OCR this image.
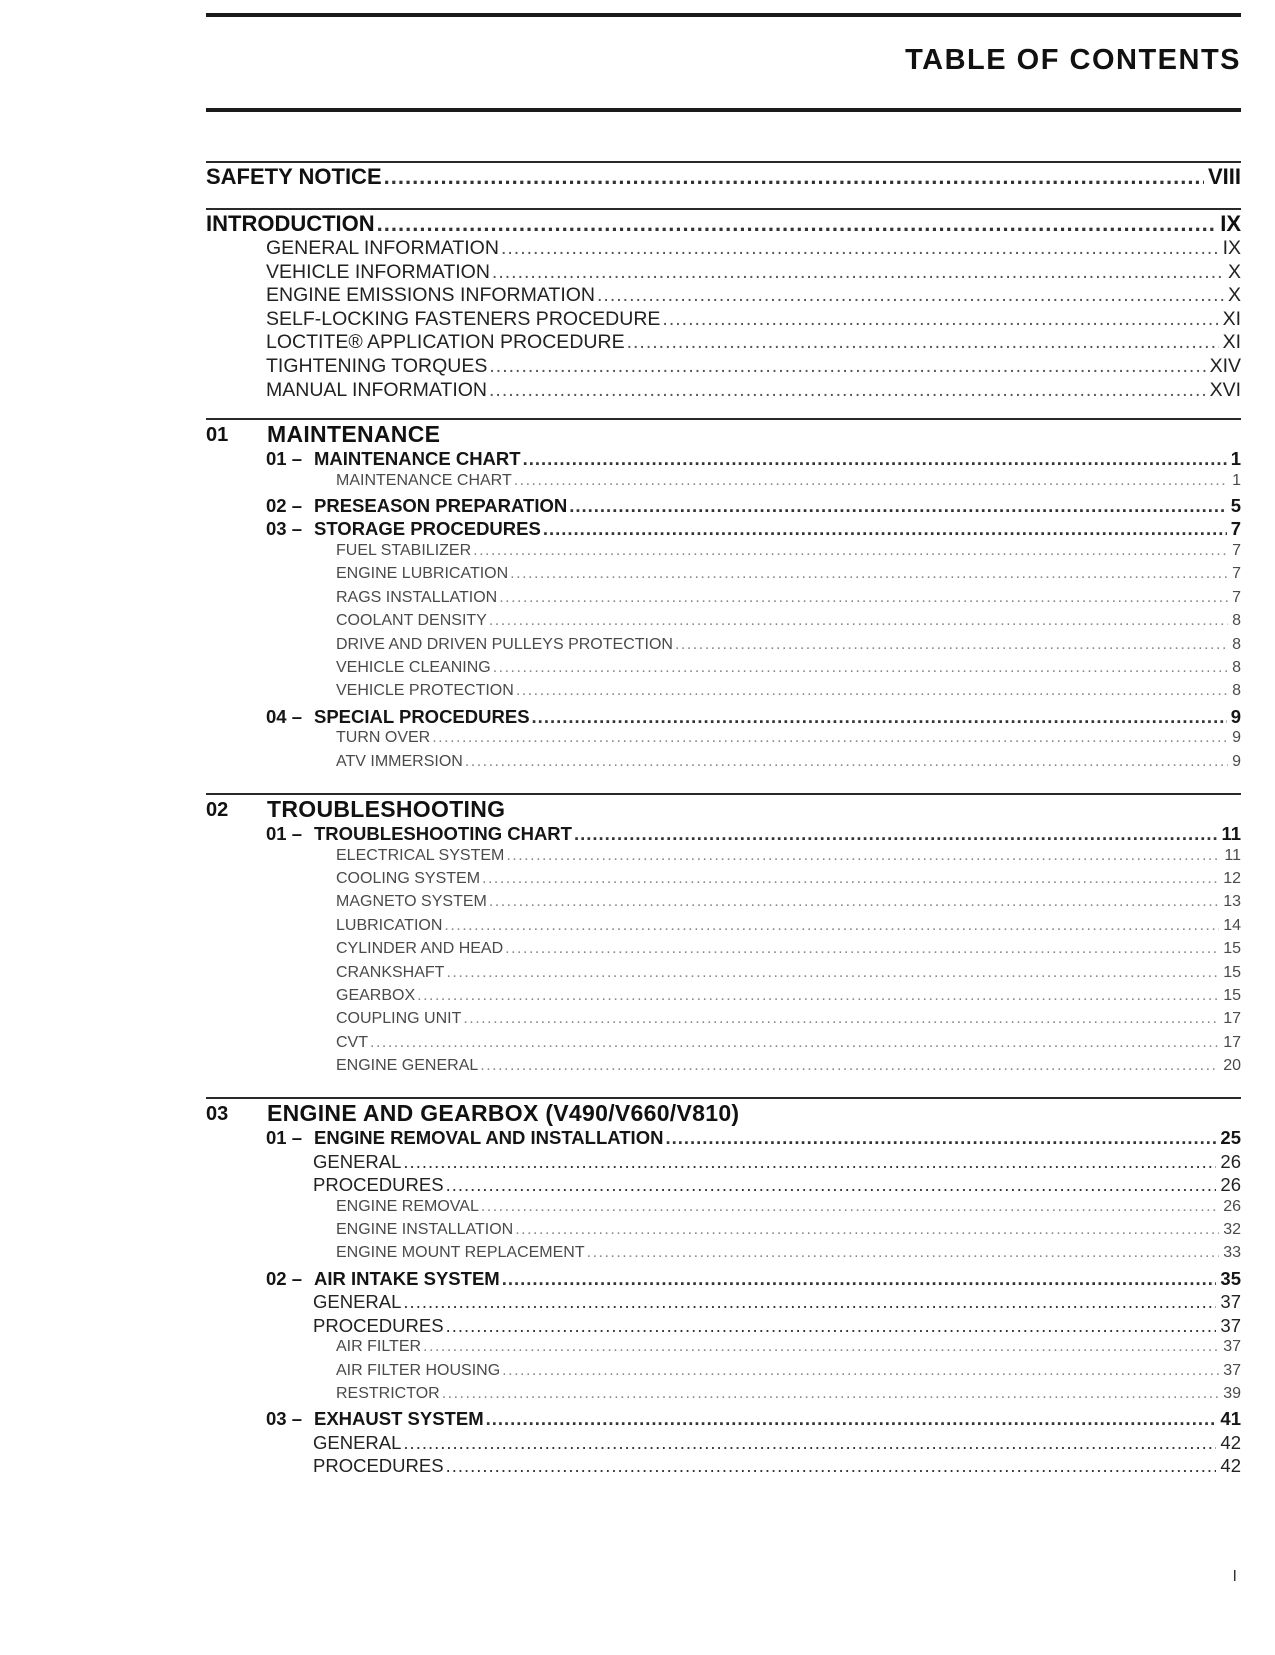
TABLE OF CONTENTS
SAFETY NOTICE .....	VIII
INTRODUCTION .....	IX
GENERAL INFORMATION .....	IX
VEHICLE INFORMATION .....	X
ENGINE EMISSIONS INFORMATION .....	X
SELF-LOCKING FASTENERS PROCEDURE .....	XI
LOCTITE® APPLICATION PROCEDURE .....	XI
TIGHTENING TORQUES .....	XIV
MANUAL INFORMATION .....	XVI
01 – MAINTENANCE CHART .....	1
MAINTENANCE CHART .....	1
02 – PRESEASON PREPARATION .....	5
03 – STORAGE PROCEDURES .....	7
FUEL STABILIZER .....	7
ENGINE LUBRICATION .....	7
RAGS INSTALLATION .....	7
COOLANT DENSITY .....	8
DRIVE AND DRIVEN PULLEYS PROTECTION .....	8
VEHICLE CLEANING .....	8
VEHICLE PROTECTION .....	8
04 – SPECIAL PROCEDURES .....	9
TURN OVER .....	9
ATV IMMERSION .....	9
01 – TROUBLESHOOTING CHART .....	11
ELECTRICAL SYSTEM .....	11
COOLING SYSTEM .....	12
MAGNETO SYSTEM .....	13
LUBRICATION .....	14
CYLINDER AND HEAD .....	15
CRANKSHAFT .....	15
GEARBOX .....	15
COUPLING UNIT .....	17
CVT .....	17
ENGINE GENERAL .....	20
01 – ENGINE REMOVAL AND INSTALLATION .....	25
GENERAL .....	26
PROCEDURES .....	26
ENGINE REMOVAL .....	26
ENGINE INSTALLATION .....	32
ENGINE MOUNT REPLACEMENT .....	33
02 – AIR INTAKE SYSTEM .....	35
GENERAL .....	37
PROCEDURES .....	37
AIR FILTER .....	37
AIR FILTER HOUSING .....	37
RESTRICTOR .....	39
03 – EXHAUST SYSTEM .....	41
GENERAL .....	42
PROCEDURES .....	42
I
01 MAINTENANCE
02 TROUBLESHOOTING
03 ENGINE AND GEARBOX (V490/V660/V810)
